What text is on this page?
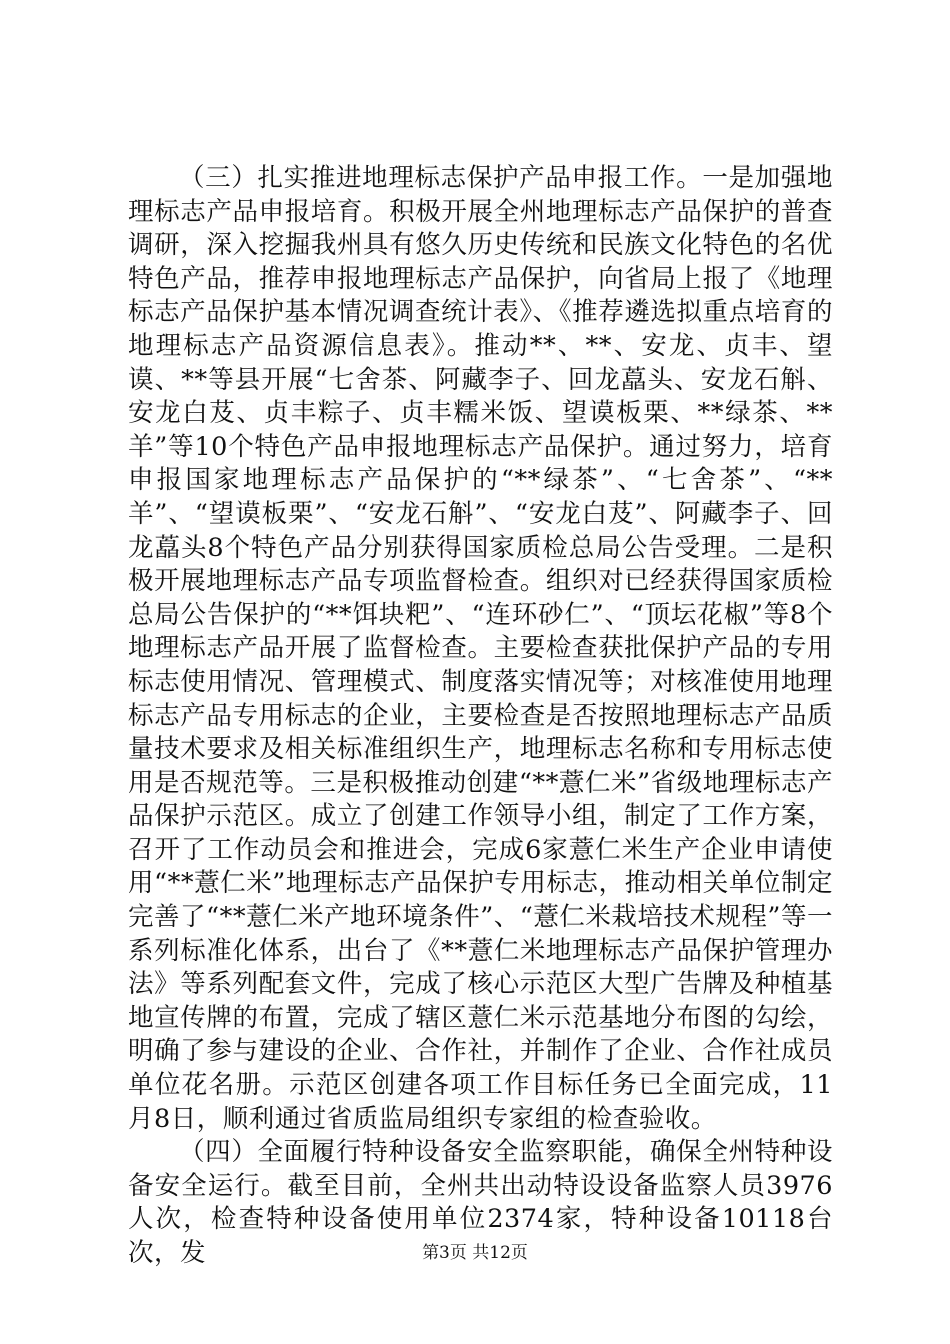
（三）扎实推进地理标志保护产品申报工作。一是加强地理标志产品申报培育。积极开展全州地理标志产品保护的普查调研，深入挖掘我州具有悠久历史传统和民族文化特色的名优特色产品，推荐申报地理标志产品保护，向省局上报了《地理标志产品保护基本情况调查统计表》、《推荐遴选拟重点培育的地理标志产品资源信息表》。推动**、**、安龙、贞丰、望谟、**等县开展“七舍茶、阿藏李子、回龙藠头、安龙石斛、安龙白芨、贞丰粽子、贞丰糯米饭、望谟板栗、**绿茶、**羊”等10个特色产品申报地理标志产品保护。通过努力，培育申报国家地理标志产品保护的“**绿茶”、“七舍茶”、“**羊”、“望谟板栗”、“安龙石斛”、“安龙白芨”、阿藏李子、回龙藠头8个特色产品分别获得国家质检总局公告受理。二是积极开展地理标志产品专项监督检查。组织对已经获得国家质检总局公告保护的“**饵块粑”、“连环砂仁”、“顶坛花椒”等8个地理标志产品开展了监督检查。主要检查获批保护产品的专用标志使用情况、管理模式、制度落实情况等；对核准使用地理标志产品专用标志的企业，主要检查是否按照地理标志产品质量技术要求及相关标准组织生产，地理标志名称和专用标志使用是否规范等。三是积极推动创建“**薏仁米”省级地理标志产品保护示范区。成立了创建工作领导小组，制定了工作方案，召开了工作动员会和推进会，完成6家薏仁米生产企业申请使用“**薏仁米”地理标志产品保护专用标志，推动相关单位制定完善了“**薏仁米产地环境条件”、“薏仁米栽培技术规程”等一系列标准化体系，出台了《**薏仁米地理标志产品保护管理办法》等系列配套文件，完成了核心示范区大型广告牌及种植基地宣传牌的布置，完成了辖区薏仁米示范基地分布图的勾绘，明确了参与建设的企业、合作社，并制作了企业、合作社成员单位花名册。示范区创建各项工作目标任务已全面完成，11月8日，顺利通过省质监局组织专家组的检查验收。

（四）全面履行特种设备安全监察职能，确保全州特种设备安全运行。截至目前，全州共出动特设设备监察人员3976人次，检查特种设备使用单位2374家，特种设备10118台次，发	第3页 共12页
